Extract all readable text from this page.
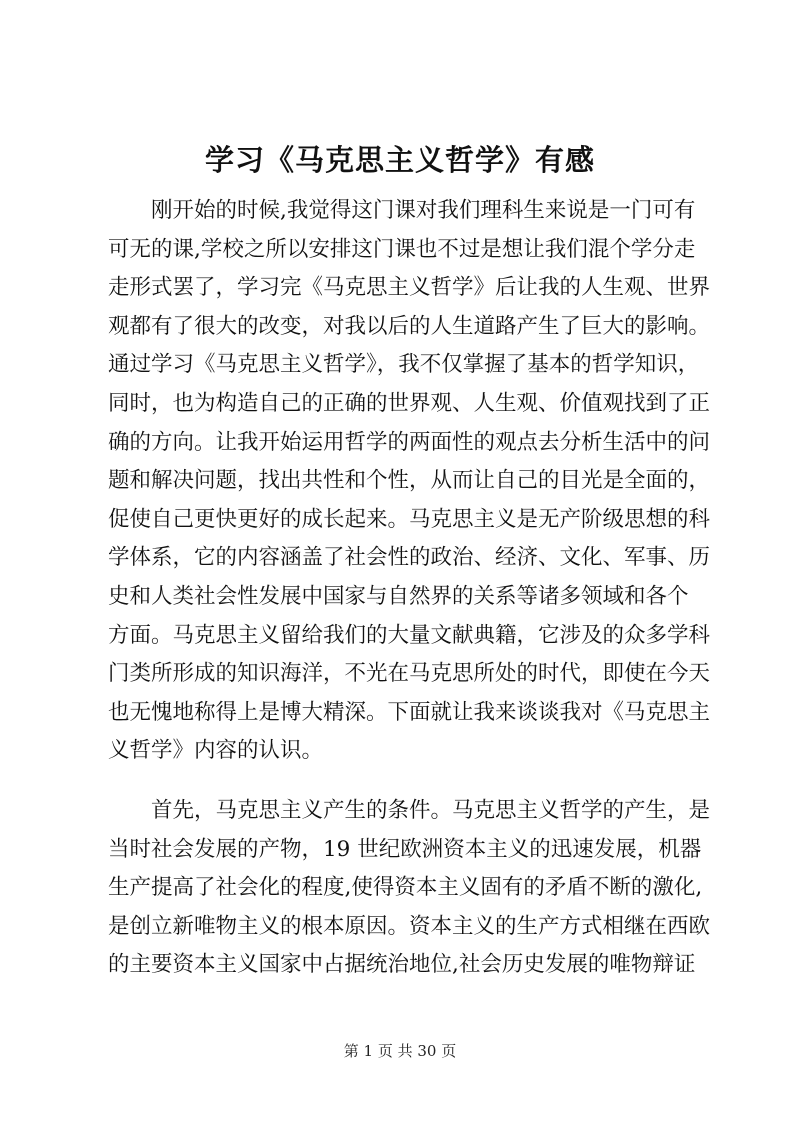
学习《马克思主义哲学》有感
刚开始的时候,我觉得这门课对我们理科生来说是一门可有
可无的课,学校之所以安排这门课也不过是想让我们混个学分走
走形式罢了，学习完《马克思主义哲学》后让我的人生观、世界
观都有了很大的改变，对我以后的人生道路产生了巨大的影响。
通过学习《马克思主义哲学》，我不仅掌握了基本的哲学知识，
同时，也为构造自己的正确的世界观、人生观、价值观找到了正
确的方向。让我开始运用哲学的两面性的观点去分析生活中的问
题和解决问题，找出共性和个性，从而让自己的目光是全面的，
促使自己更快更好的成长起来。马克思主义是无产阶级思想的科
学体系，它的内容涵盖了社会性的政治、经济、文化、军事、历
史和人类社会性发展中国家与自然界的关系等诸多领域和各个
方面。马克思主义留给我们的大量文献典籍，它涉及的众多学科
门类所形成的知识海洋，不光在马克思所处的时代，即使在今天
也无愧地称得上是博大精深。下面就让我来谈谈我对《马克思主
义哲学》内容的认识。
首先，马克思主义产生的条件。马克思主义哲学的产生，是
当时社会发展的产物，19 世纪欧洲资本主义的迅速发展，机器
生产提高了社会化的程度,使得资本主义固有的矛盾不断的激化,
是创立新唯物主义的根本原因。资本主义的生产方式相继在西欧
的主要资本主义国家中占据统治地位,社会历史发展的唯物辩证
第 1 页 共 30 页
